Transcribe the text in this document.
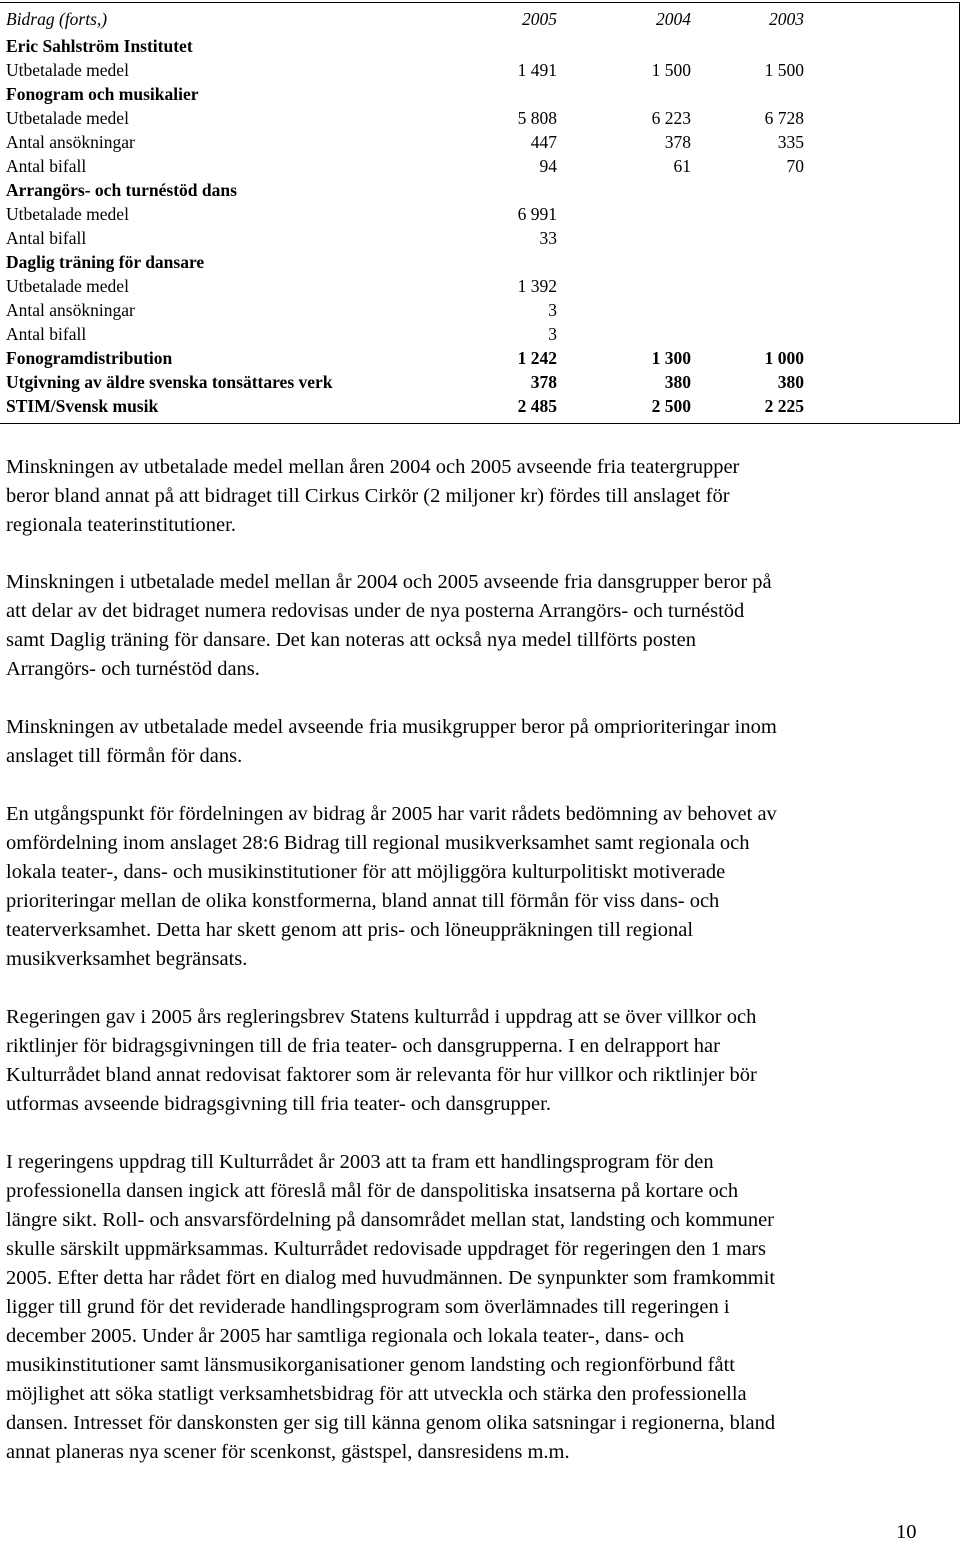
Bidrag (forts,)	2005	2004	2003
Eric Sahlström Institutet
Utbetalade medel	1 491	1 500	1 500
Fonogram och musikalier
Utbetalade medel	5 808	6 223	6 728
Antal ansökningar	447	378	335
Antal bifall	94	61	70
Arrangörs- och turnéstöd dans
Utbetalade medel	6 991
Antal bifall	33
Daglig träning för dansare
Utbetalade medel	1 392
Antal ansökningar	3
Antal bifall	3
Fonogramdistribution	1 242	1 300	1 000
Utgivning av äldre svenska tonsättares verk	378	380	380
STIM/Svensk musik	2 485	2 500	2 225

Minskningen av utbetalade medel mellan åren 2004 och 2005 avseende fria teatergrupper
beror bland annat på att bidraget till Cirkus Cirkör (2 miljoner kr) fördes till anslaget för
regionala teaterinstitutioner.

Minskningen i utbetalade medel mellan år 2004 och 2005 avseende fria dansgrupper beror på
att delar av det bidraget numera redovisas under de nya posterna Arrangörs- och turnéstöd
samt Daglig träning för dansare. Det kan noteras att också nya medel tillförts posten
Arrangörs- och turnéstöd dans.

Minskningen av utbetalade medel avseende fria musikgrupper beror på omprioriteringar inom
anslaget till förmån för dans.

En utgångspunkt för fördelningen av bidrag år 2005 har varit rådets bedömning av behovet av
omfördelning inom anslaget 28:6 Bidrag till regional musikverksamhet samt regionala och
lokala teater-, dans- och musikinstitutioner för att möjliggöra kulturpolitiskt motiverade
prioriteringar mellan de olika konstformerna, bland annat till förmån för viss dans- och
teaterverksamhet. Detta har skett genom att pris- och löneuppräkningen till regional
musikverksamhet begränsats.

Regeringen gav i 2005 års regleringsbrev Statens kulturråd i uppdrag att se över villkor och
riktlinjer för bidragsgivningen till de fria teater- och dansgrupperna. I en delrapport har
Kulturrådet bland annat redovisat faktorer som är relevanta för hur villkor och riktlinjer bör
utformas avseende bidragsgivning till fria teater- och dansgrupper.

I regeringens uppdrag till Kulturrådet år 2003 att ta fram ett handlingsprogram för den
professionella dansen ingick att föreslå mål för de danspolitiska insatserna på kortare och
längre sikt. Roll- och ansvarsfördelning på dansområdet mellan stat, landsting och kommuner
skulle särskilt uppmärksammas. Kulturrådet redovisade uppdraget för regeringen den 1 mars
2005. Efter detta har rådet fört en dialog med huvudmännen. De synpunkter som framkommit
ligger till grund för det reviderade handlingsprogram som överlämnades till regeringen i
december 2005. Under år 2005 har samtliga regionala och lokala teater-, dans- och
musikinstitutioner samt länsmusikorganisationer genom landsting och regionförbund fått
möjlighet att söka statligt verksamhetsbidrag för att utveckla och stärka den professionella
dansen. Intresset för danskonsten ger sig till känna genom olika satsningar i regionerna, bland
annat planeras nya scener för scenkonst, gästspel, dansresidens m.m.

10
